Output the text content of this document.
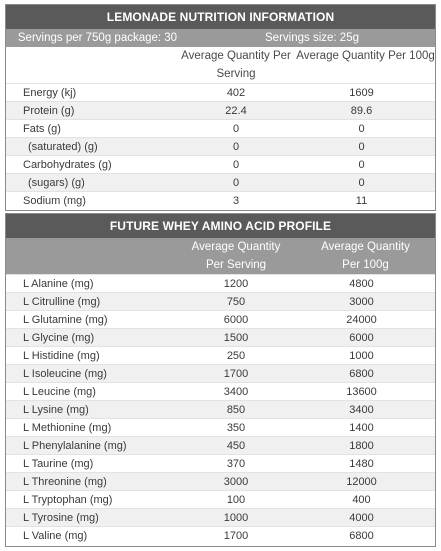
LEMONADE NUTRITION INFORMATION
Servings per 750g package: 30	Servings size: 25g
Average Quantity Per Serving
Average Quantity Per 100g
Energy (kj)	402	1609
Protein (g)	22.4	89.6
Fats (g)	0	0
(saturated) (g)	0	0
Carbohydrates (g)	0	0
(sugars) (g)	0	0
Sodium (mg)	3	11
FUTURE WHEY AMINO ACID PROFILE
Average Quantity
Per Serving
Average Quantity
Per 100g
L Alanine (mg)	1200	4800
L Citrulline (mg)	750	3000
L Glutamine (mg)	6000	24000
L Glycine (mg)	1500	6000
L Histidine (mg)	250	1000
L Isoleucine (mg)	1700	6800
L Leucine (mg)	3400	13600
L Lysine (mg)	850	3400
L Methionine (mg)	350	1400
L Phenylalanine (mg)	450	1800
L Taurine (mg)	370	1480
L Threonine (mg)	3000	12000
L Tryptophan (mg)	100	400
L Tyrosine (mg)	1000	4000
L Valine (mg)	1700	6800
